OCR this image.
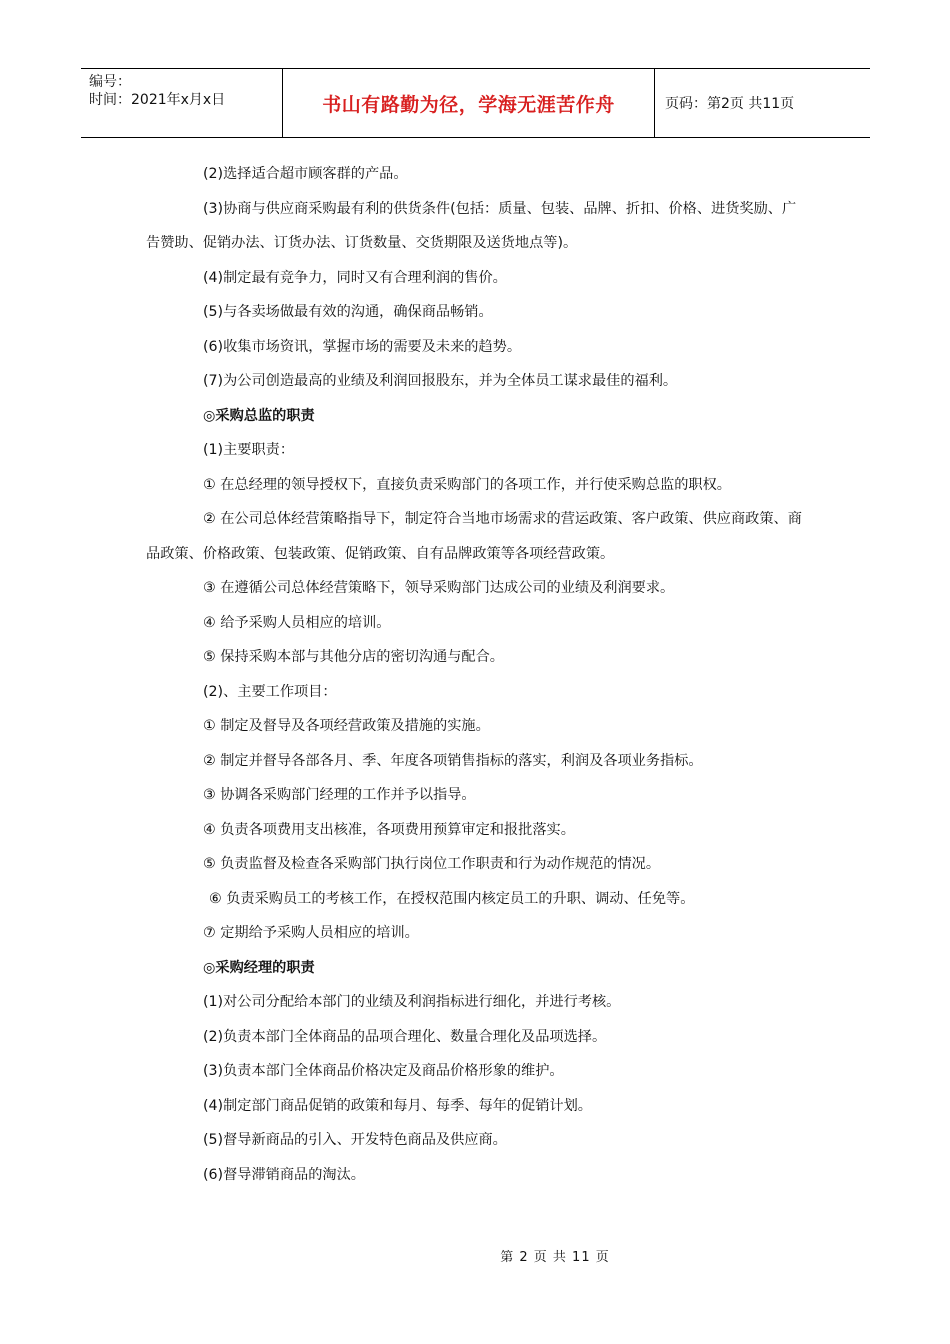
编号：
时间：2021年x月x日	书山有路勤为径，学海无涯苦作舟	页码：第2页 共11页
(2)选择适合超市顾客群的产品。
(3)协商与供应商采购最有利的供货条件(包括：质量、包装、品牌、折扣、价格、进货奖励、广告赞助、促销办法、订货办法、订货数量、交货期限及送货地点等)。
(4)制定最有竞争力，同时又有合理利润的售价。
(5)与各卖场做最有效的沟通，确保商品畅销。
(6)收集市场资讯，掌握市场的需要及未来的趋势。
(7)为公司创造最高的业绩及利润回报股东，并为全体员工谋求最佳的福利。
◎采购总监的职责
(1)主要职责：
① 在总经理的领导授权下，直接负责采购部门的各项工作，并行使采购总监的职权。
② 在公司总体经营策略指导下，制定符合当地市场需求的营运政策、客户政策、供应商政策、商品政策、价格政策、包装政策、促销政策、自有品牌政策等各项经营政策。
③ 在遵循公司总体经营策略下，领导采购部门达成公司的业绩及利润要求。
④ 给予采购人员相应的培训。
⑤ 保持采购本部与其他分店的密切沟通与配合。
(2)、主要工作项目：
① 制定及督导及各项经营政策及措施的实施。
② 制定并督导各部各月、季、年度各项销售指标的落实，利润及各项业务指标。
③ 协调各采购部门经理的工作并予以指导。
④ 负责各项费用支出核准，各项费用预算审定和报批落实。
⑤ 负责监督及检查各采购部门执行岗位工作职责和行为动作规范的情况。
⑥ 负责采购员工的考核工作，在授权范围内核定员工的升职、调动、任免等。
⑦ 定期给予采购人员相应的培训。
◎采购经理的职责
(1)对公司分配给本部门的业绩及利润指标进行细化，并进行考核。
(2)负责本部门全体商品的品项合理化、数量合理化及品项选择。
(3)负责本部门全体商品价格决定及商品价格形象的维护。
(4)制定部门商品促销的政策和每月、每季、每年的促销计划。
(5)督导新商品的引入、开发特色商品及供应商。
(6)督导滞销商品的淘汰。
第 2 页 共 11 页
